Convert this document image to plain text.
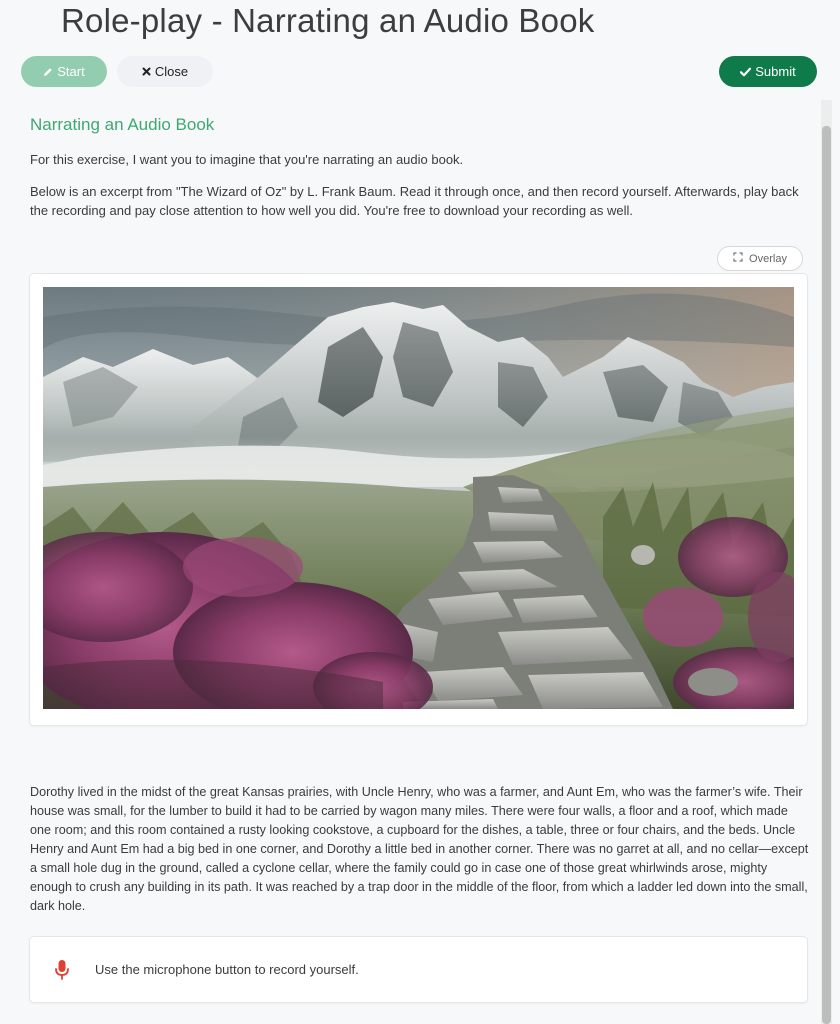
Role-play - Narrating an Audio Book
Start	Close	Submit
Narrating an Audio Book
For this exercise, I want you to imagine that you're narrating an audio book.
Below is an excerpt from "The Wizard of Oz" by L. Frank Baum. Read it through once, and then record yourself. Afterwards, play back the recording and pay close attention to how well you did. You're free to download your recording as well.
Overlay
Dorothy lived in the midst of the great Kansas prairies, with Uncle Henry, who was a farmer, and Aunt Em, who was the farmer’s wife. Their house was small, for the lumber to build it had to be carried by wagon many miles. There were four walls, a floor and a roof, which made one room; and this room contained a rusty looking cookstove, a cupboard for the dishes, a table, three or four chairs, and the beds. Uncle Henry and Aunt Em had a big bed in one corner, and Dorothy a little bed in another corner. There was no garret at all, and no cellar—except a small hole dug in the ground, called a cyclone cellar, where the family could go in case one of those great whirlwinds arose, mighty enough to crush any building in its path. It was reached by a trap door in the middle of the floor, from which a ladder led down into the small, dark hole.
Use the microphone button to record yourself.
